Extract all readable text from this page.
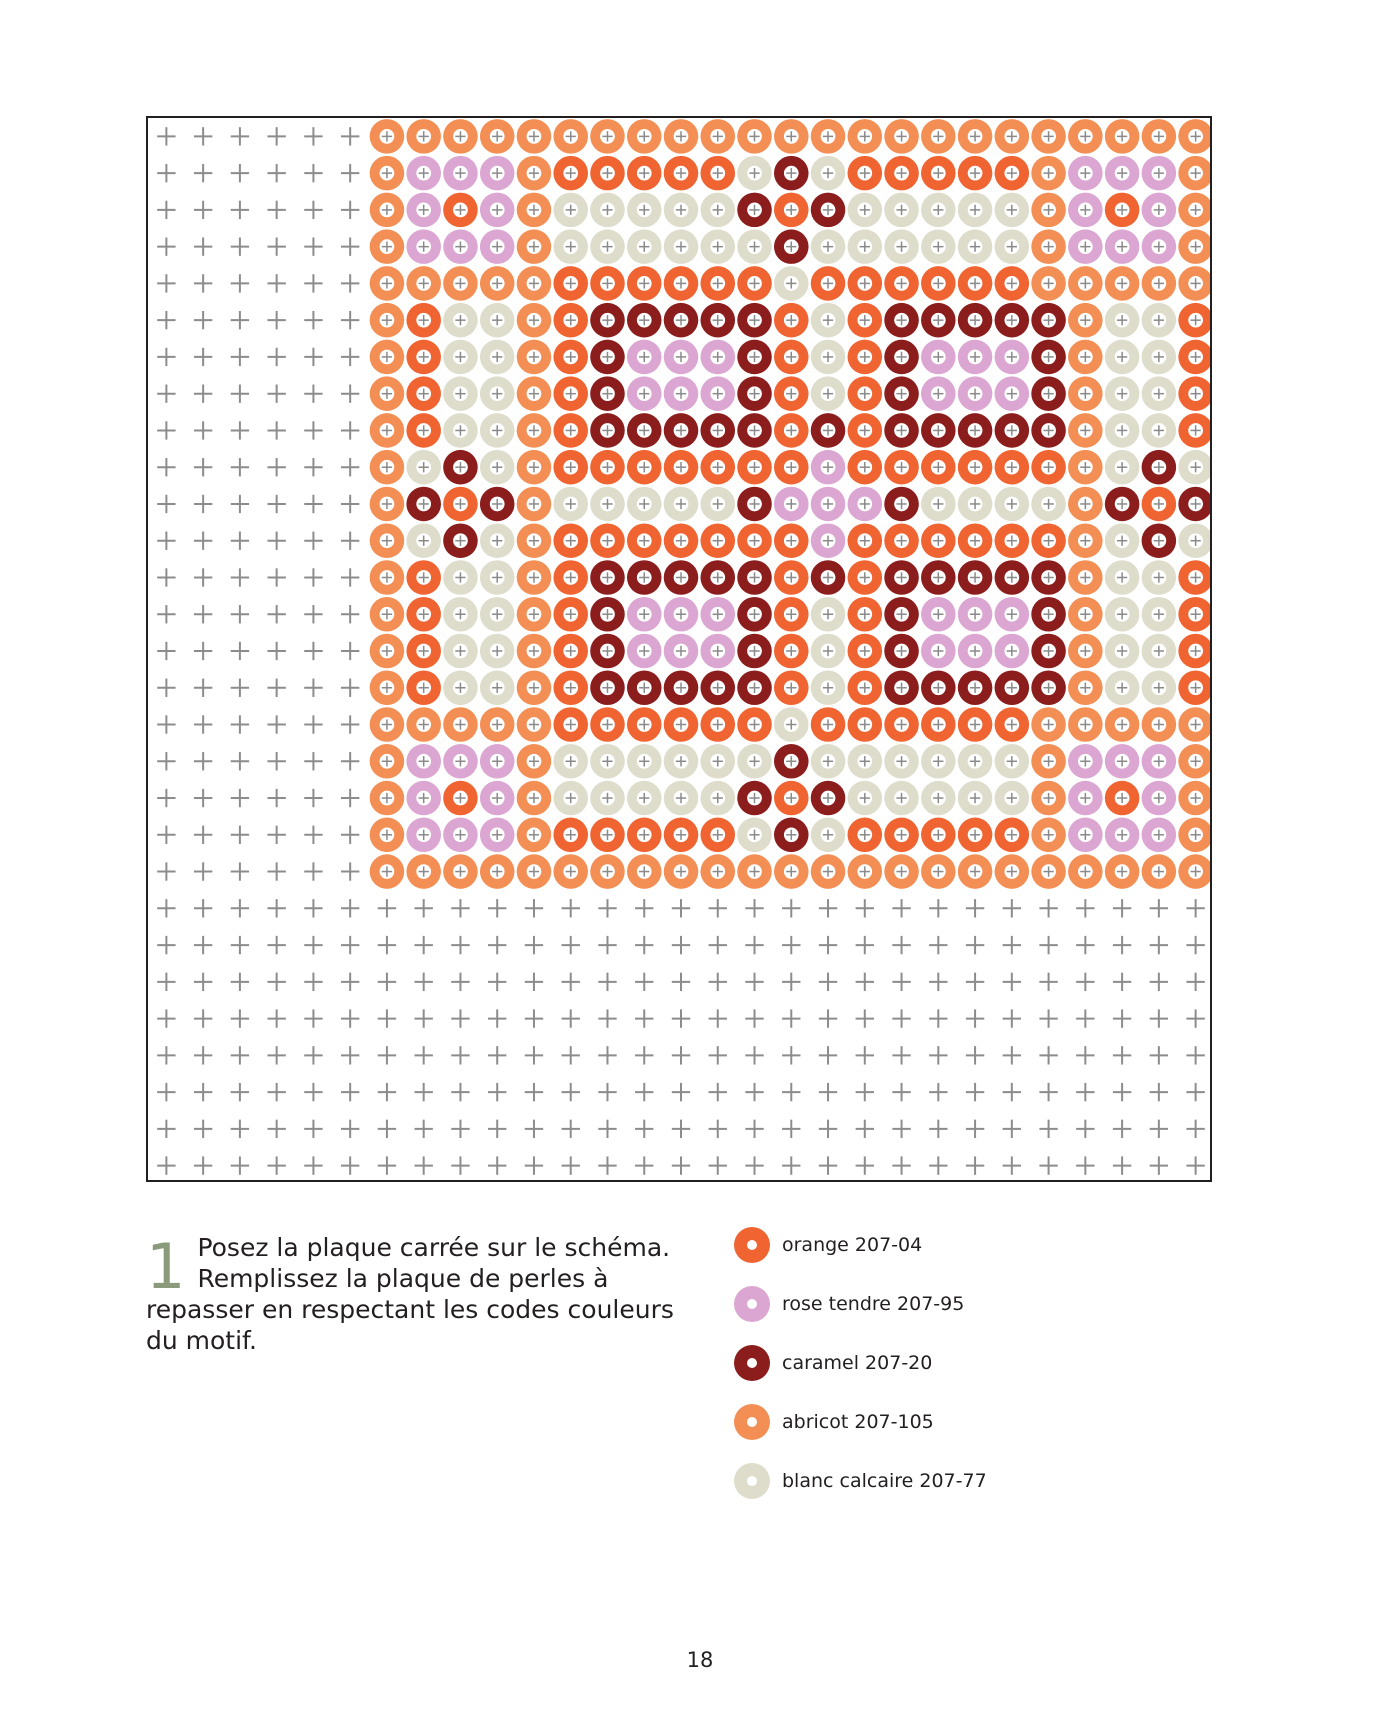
1 Posez la plaque carrée sur le schéma.
Remplissez la plaque de perles à
repasser en respectant les codes couleurs
du motif.
orange 207-04
rose tendre 207-95
caramel 207-20
abricot 207-105
blanc calcaire 207-77
18
